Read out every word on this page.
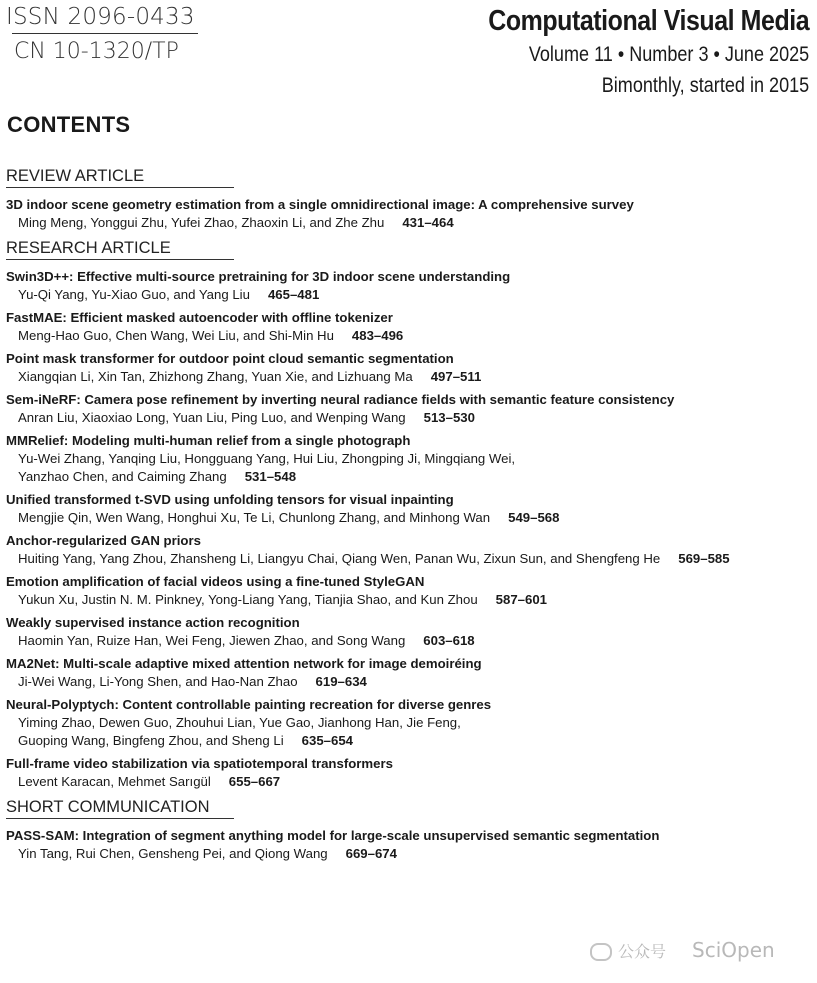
ISSN 2096-0433
CN 10-1320/TP
Computational Visual Media
Volume 11 • Number 3 • June 2025
Bimonthly, started in 2015
CONTENTS
REVIEW ARTICLE
3D indoor scene geometry estimation from a single omnidirectional image: A comprehensive survey
Ming Meng, Yonggui Zhu, Yufei Zhao, Zhaoxin Li, and Zhe Zhu 431–464
RESEARCH ARTICLE
Swin3D++: Effective multi-source pretraining for 3D indoor scene understanding
Yu-Qi Yang, Yu-Xiao Guo, and Yang Liu 465–481
FastMAE: Efficient masked autoencoder with offline tokenizer
Meng-Hao Guo, Chen Wang, Wei Liu, and Shi-Min Hu 483–496
Point mask transformer for outdoor point cloud semantic segmentation
Xiangqian Li, Xin Tan, Zhizhong Zhang, Yuan Xie, and Lizhuang Ma 497–511
Sem-iNeRF: Camera pose refinement by inverting neural radiance fields with semantic feature consistency
Anran Liu, Xiaoxiao Long, Yuan Liu, Ping Luo, and Wenping Wang 513–530
MMRelief: Modeling multi-human relief from a single photograph
Yu-Wei Zhang, Yanqing Liu, Hongguang Yang, Hui Liu, Zhongping Ji, Mingqiang Wei,
Yanzhao Chen, and Caiming Zhang 531–548
Unified transformed t-SVD using unfolding tensors for visual inpainting
Mengjie Qin, Wen Wang, Honghui Xu, Te Li, Chunlong Zhang, and Minhong Wan 549–568
Anchor-regularized GAN priors
Huiting Yang, Yang Zhou, Zhansheng Li, Liangyu Chai, Qiang Wen, Panan Wu, Zixun Sun, and Shengfeng He 569–585
Emotion amplification of facial videos using a fine-tuned StyleGAN
Yukun Xu, Justin N. M. Pinkney, Yong-Liang Yang, Tianjia Shao, and Kun Zhou 587–601
Weakly supervised instance action recognition
Haomin Yan, Ruize Han, Wei Feng, Jiewen Zhao, and Song Wang 603–618
MA2Net: Multi-scale adaptive mixed attention network for image demoiréing
Ji-Wei Wang, Li-Yong Shen, and Hao-Nan Zhao 619–634
Neural-Polyptych: Content controllable painting recreation for diverse genres
Yiming Zhao, Dewen Guo, Zhouhui Lian, Yue Gao, Jianhong Han, Jie Feng,
Guoping Wang, Bingfeng Zhou, and Sheng Li 635–654
Full-frame video stabilization via spatiotemporal transformers
Levent Karacan, Mehmet Sarıgül 655–667
SHORT COMMUNICATION
PASS-SAM: Integration of segment anything model for large-scale unsupervised semantic segmentation
Yin Tang, Rui Chen, Gensheng Pei, and Qiong Wang 669–674
公众号 SciOpen
